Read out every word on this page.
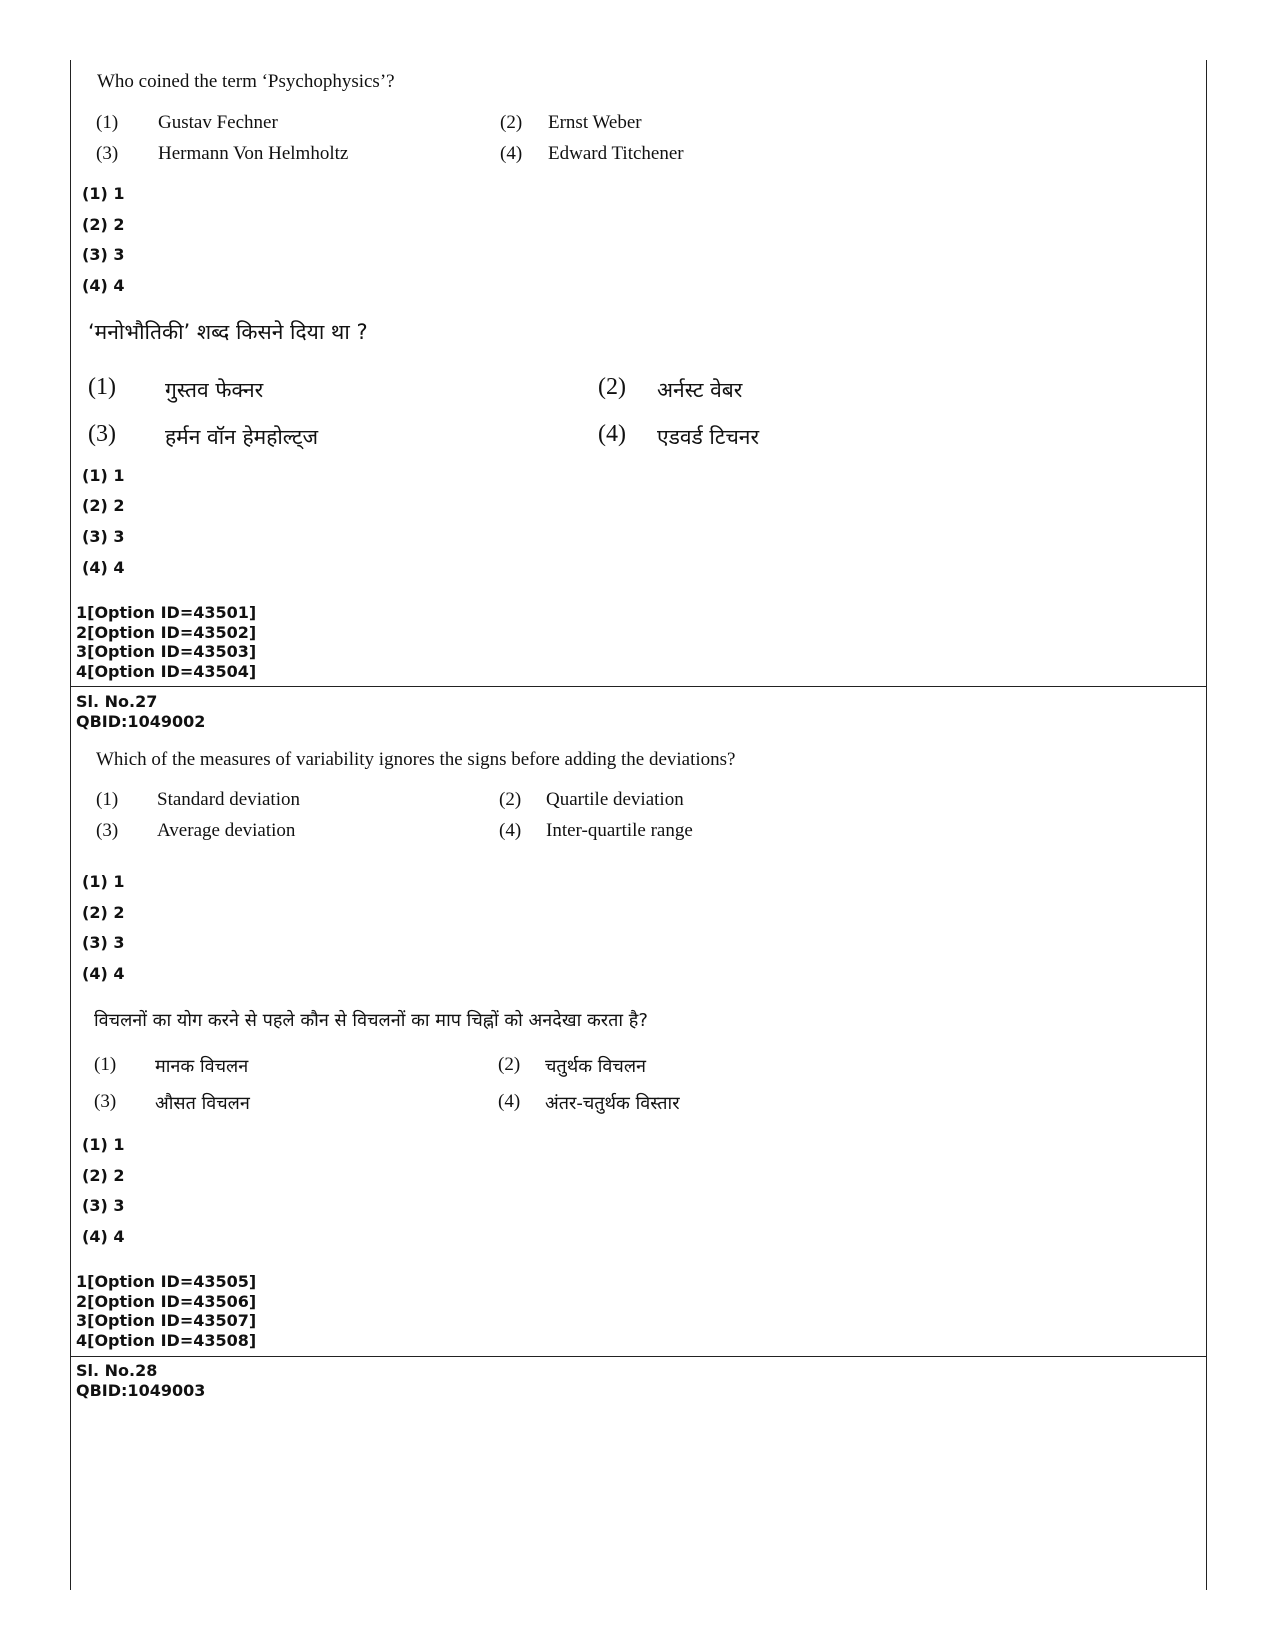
Who coined the term ‘Psychophysics’?
(1) Gustav Fechner	(2) Ernst Weber
(3) Hermann Von Helmholtz	(4) Edward Titchener
(1) 1
(2) 2
(3) 3
(4) 4
‘मनोभौतिकी’ शब्द किसने दिया था ?
(1) गुस्तव फेक्नर	(2) अर्नस्ट वेबर
(3) हर्मन वॉन हेमहोल्ट्ज	(4) एडवर्ड टिचनर
(1) 1
(2) 2
(3) 3
(4) 4
1[Option ID=43501]
2[Option ID=43502]
3[Option ID=43503]
4[Option ID=43504]
Sl. No.27
QBID:1049002
Which of the measures of variability ignores the signs before adding the deviations?
(1) Standard deviation	(2) Quartile deviation
(3) Average deviation	(4) Inter-quartile range
(1) 1
(2) 2
(3) 3
(4) 4
विचलनों का योग करने से पहले कौन से विचलनों का माप चिह्नों को अनदेखा करता है?
(1) मानक विचलन	(2) चतुर्थक विचलन
(3) औसत विचलन	(4) अंतर-चतुर्थक विस्तार
(1) 1
(2) 2
(3) 3
(4) 4
1[Option ID=43505]
2[Option ID=43506]
3[Option ID=43507]
4[Option ID=43508]
Sl. No.28
QBID:1049003
